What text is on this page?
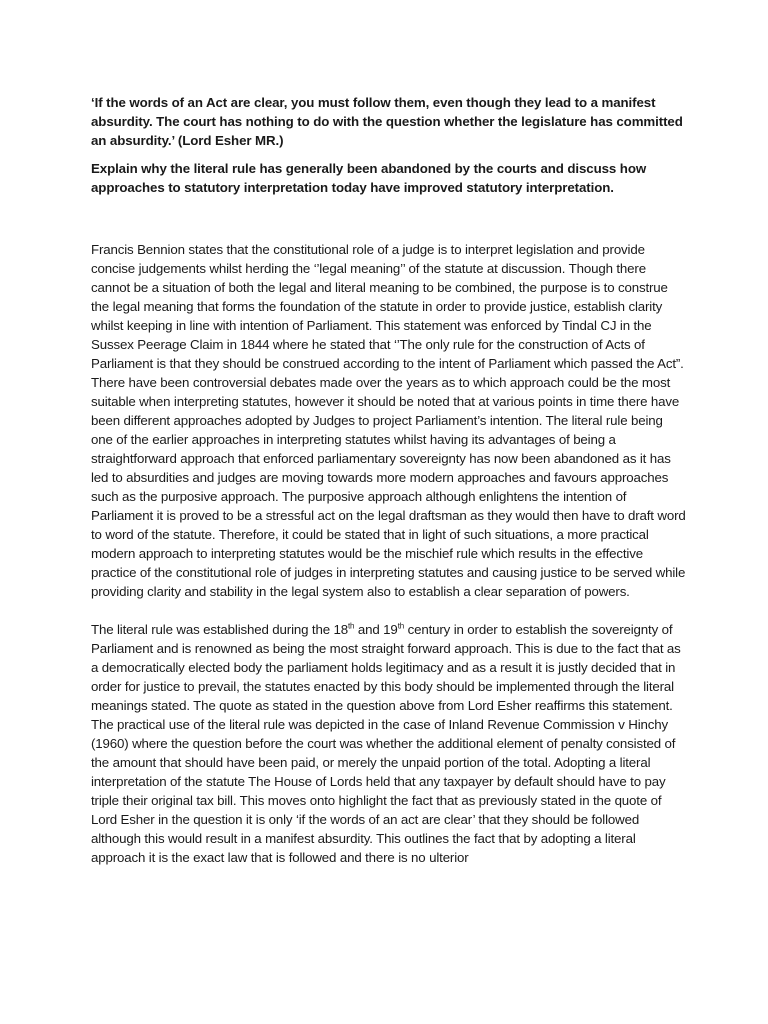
‘If the words of an Act are clear, you must follow them, even though they lead to a manifest absurdity. The court has nothing to do with the question whether the legislature has committed an absurdity.’ (Lord Esher MR.)

Explain why the literal rule has generally been abandoned by the courts and discuss how approaches to statutory interpretation today have improved statutory interpretation.

Francis Bennion states that the constitutional role of a judge is to interpret legislation and provide concise judgements whilst herding the ‘’legal meaning’’ of the statute at discussion. Though there cannot be a situation of both the legal and literal meaning to be combined, the purpose is to construe the legal meaning that forms the foundation of the statute in order to provide justice, establish clarity whilst keeping in line with intention of Parliament. This statement was enforced by Tindal CJ in the Sussex Peerage Claim in 1844 where he stated that ‘’The only rule for the construction of Acts of Parliament is that they should be construed according to the intent of Parliament which passed the Act”. There have been controversial debates made over the years as to which approach could be the most suitable when interpreting statutes, however it should be noted that at various points in time there have been different approaches adopted by Judges to project Parliament’s intention. The literal rule being one of the earlier approaches in interpreting statutes whilst having its advantages of being a straightforward approach that enforced parliamentary sovereignty has now been abandoned as it has led to absurdities and judges are moving towards more modern approaches and favours approaches such as the purposive approach. The purposive approach although enlightens the intention of Parliament it is proved to be a stressful act on the legal draftsman as they would then have to draft word to word of the statute. Therefore, it could be stated that in light of such situations, a more practical modern approach to interpreting statutes would be the mischief rule which results in the effective practice of the constitutional role of judges in interpreting statutes and causing justice to be served while providing clarity and stability in the legal system also to establish a clear separation of powers.

The literal rule was established during the 18th and 19th century in order to establish the sovereignty of Parliament and is renowned as being the most straight forward approach. This is due to the fact that as a democratically elected body the parliament holds legitimacy and as a result it is justly decided that in order for justice to prevail, the statutes enacted by this body should be implemented through the literal meanings stated. The quote as stated in the question above from Lord Esher reaffirms this statement. The practical use of the literal rule was depicted in the case of Inland Revenue Commission v Hinchy (1960) where the question before the court was whether the additional element of penalty consisted of the amount that should have been paid, or merely the unpaid portion of the total. Adopting a literal interpretation of the statute The House of Lords held that any taxpayer by default should have to pay triple their original tax bill. This moves onto highlight the fact that as previously stated in the quote of Lord Esher in the question it is only ‘if the words of an act are clear’ that they should be followed although this would result in a manifest absurdity. This outlines the fact that by adopting a literal approach it is the exact law that is followed and there is no ulterior
